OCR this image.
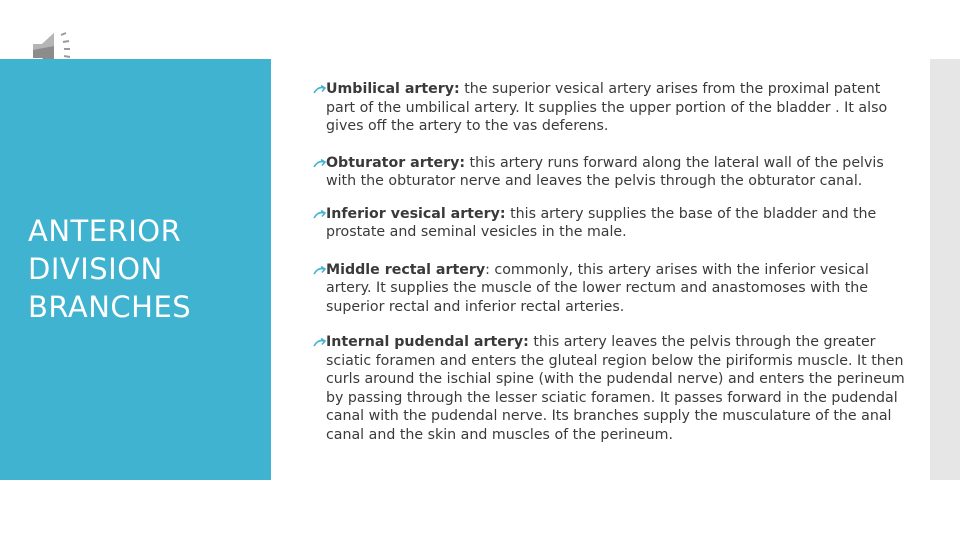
ANTERIOR
DIVISION
BRANCHES
Umbilical artery: the superior vesical artery arises from the proximal patent part of the umbilical artery. It supplies the upper portion of the bladder . It also gives off the artery to the vas deferens.
Obturator artery: this artery runs forward along the lateral wall of the pelvis with the obturator nerve and leaves the pelvis through the obturator canal.
Inferior vesical artery: this artery supplies the base of the bladder and the prostate and seminal vesicles in the male.
Middle rectal artery: commonly, this artery arises with the inferior vesical artery. It supplies the muscle of the lower rectum and anastomoses with the superior rectal and inferior rectal arteries.
Internal pudendal artery: this artery leaves the pelvis through the greater sciatic foramen and enters the gluteal region below the piriformis muscle. It then curls around the ischial spine (with the pudendal nerve) and enters the perineum by passing through the lesser sciatic foramen. It passes forward in the pudendal canal with the pudendal nerve. Its branches supply the musculature of the anal canal and the skin and muscles of the perineum.
